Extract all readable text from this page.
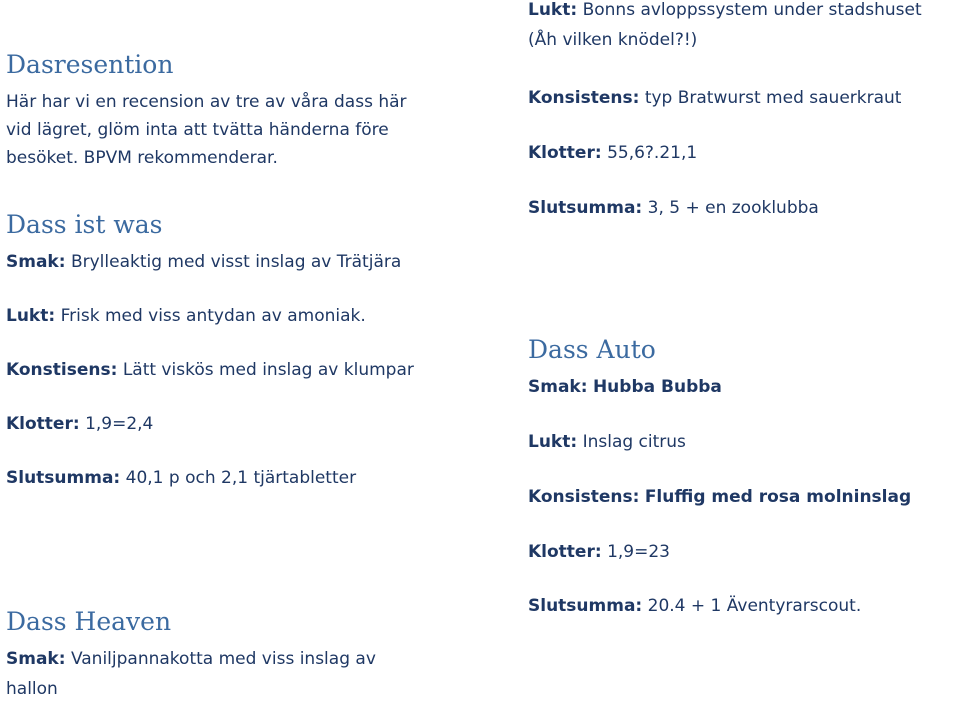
Dasresention
Här har vi en recension av tre av våra dass här
vid lägret, glöm inta att tvätta händerna före
besöket. BPVM rekommenderar.
Dass ist was
Smak: Brylleaktig med visst inslag av Trätjära
Lukt: Frisk med viss antydan av amoniak.
Konstisens: Lätt viskös med inslag av klumpar
Klotter: 1,9=2,4
Slutsumma: 40,1 p och 2,1 tjärtabletter
Dass Heaven
Smak: Vaniljpannakotta med viss inslag av
hallon
Lukt: Bonns avloppssystem under stadshuset
(Åh vilken knödel?!)
Konsistens: typ Bratwurst med sauerkraut
Klotter: 55,6?.21,1
Slutsumma: 3, 5 + en zooklubba
Dass Auto
Smak: Hubba Bubba
Lukt: Inslag citrus
Konsistens: Fluffig med rosa molninslag
Klotter: 1,9=23
Slutsumma: 20.4 + 1 Äventyrarscout.
